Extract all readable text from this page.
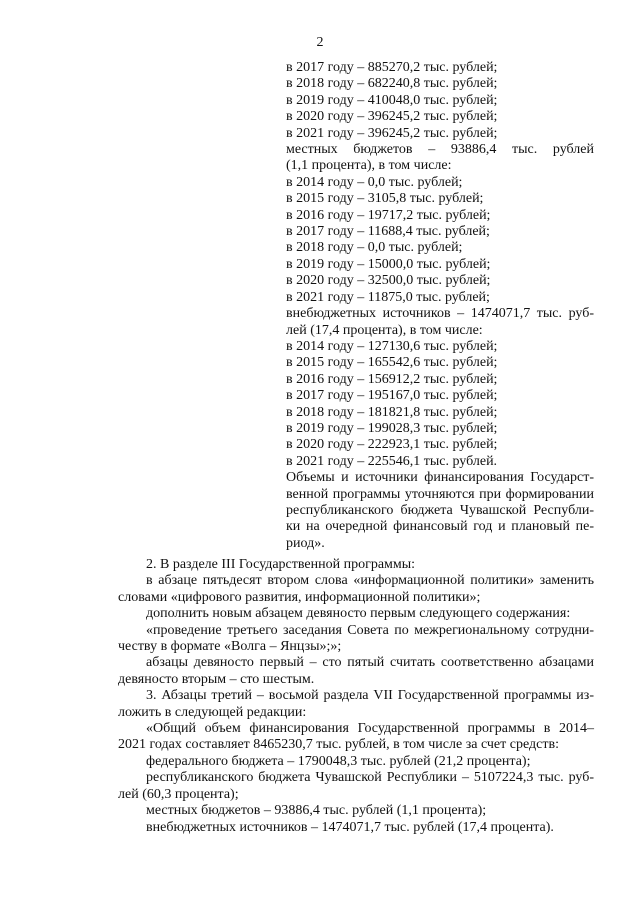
2
в 2017 году – 885270,2 тыс. рублей;
в 2018 году – 682240,8 тыс. рублей;
в 2019 году – 410048,0 тыс. рублей;
в 2020 году – 396245,2 тыс. рублей;
в 2021 году – 396245,2 тыс. рублей;
местных бюджетов – 93886,4 тыс. рублей
(1,1 процента), в том числе:
в 2014 году – 0,0 тыс. рублей;
в 2015 году – 3105,8 тыс. рублей;
в 2016 году – 19717,2 тыс. рублей;
в 2017 году – 11688,4 тыс. рублей;
в 2018 году – 0,0 тыс. рублей;
в 2019 году – 15000,0 тыс. рублей;
в 2020 году – 32500,0 тыс. рублей;
в 2021 году – 11875,0 тыс. рублей;
внебюджетных источников – 1474071,7 тыс. руб-
лей (17,4 процента), в том числе:
в 2014 году – 127130,6 тыс. рублей;
в 2015 году – 165542,6 тыс. рублей;
в 2016 году – 156912,2 тыс. рублей;
в 2017 году – 195167,0 тыс. рублей;
в 2018 году – 181821,8 тыс. рублей;
в 2019 году – 199028,3 тыс. рублей;
в 2020 году – 222923,1 тыс. рублей;
в 2021 году – 225546,1 тыс. рублей.
Объемы и источники финансирования Государст-
венной программы уточняются при формировании
республиканского бюджета Чувашской Республи-
ки на очередной финансовый год и плановый пе-
риод».
2. В разделе III Государственной программы:
в абзаце пятьдесят втором слова «информационной политики» заменить
словами «цифрового развития, информационной политики»;
дополнить новым абзацем девяносто первым следующего содержания:
«проведение третьего заседания Совета по межрегиональному сотрудни-
честву в формате «Волга – Янцзы»;»;
абзацы девяносто первый – сто пятый считать соответственно абзацами
девяносто вторым – сто шестым.
3. Абзацы третий – восьмой раздела VII Государственной программы из-
ложить в следующей редакции:
«Общий объем финансирования Государственной программы в 2014–
2021 годах составляет 8465230,7 тыс. рублей, в том числе за счет средств:
федерального бюджета – 1790048,3 тыс. рублей (21,2 процента);
республиканского бюджета Чувашской Республики – 5107224,3 тыс. руб-
лей (60,3 процента);
местных бюджетов – 93886,4 тыс. рублей (1,1 процента);
внебюджетных источников – 1474071,7 тыс. рублей (17,4 процента).
